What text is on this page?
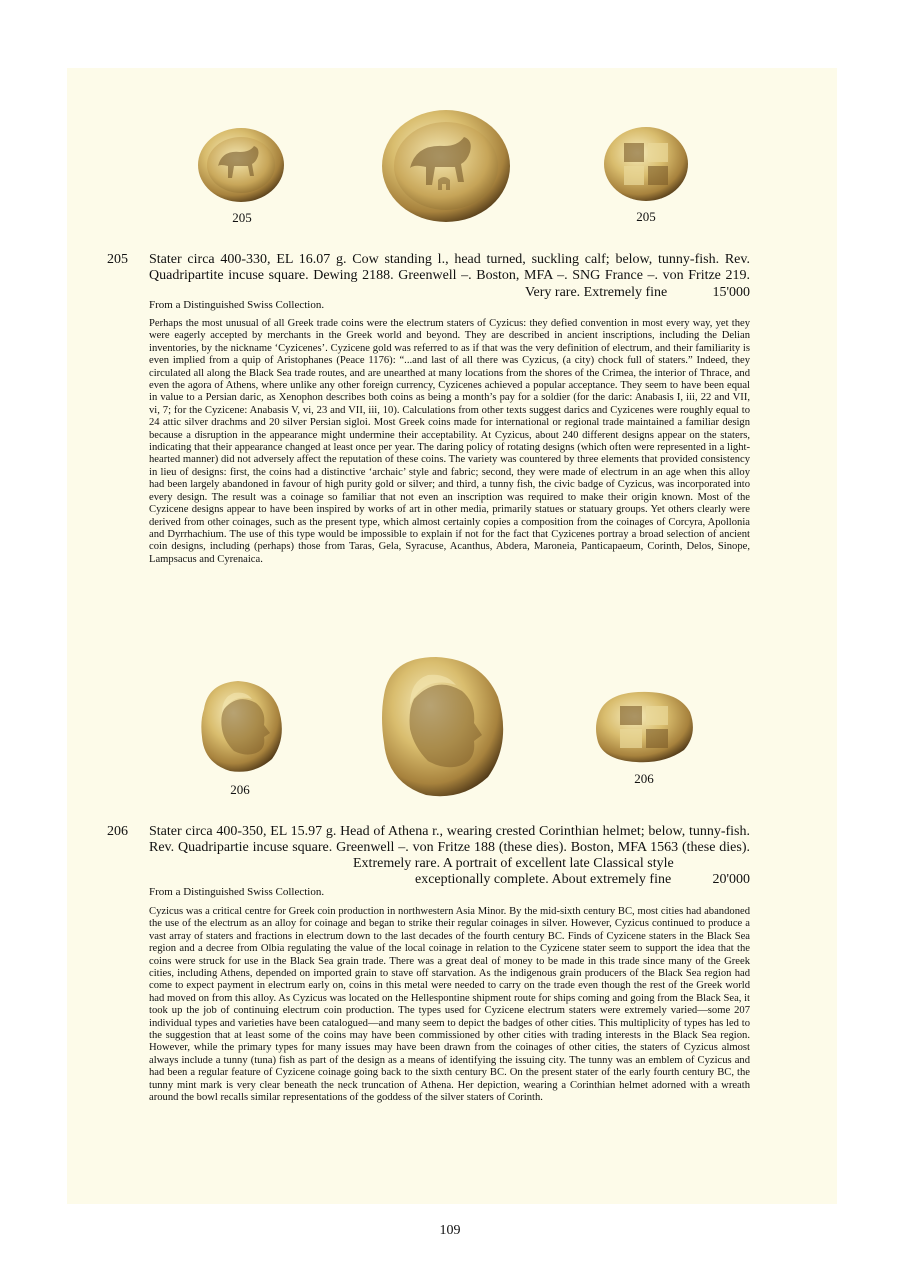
205	205
205 Stater circa 400-330, EL 16.07 g. Cow standing l., head turned, suckling calf; below, tunny-fish. Rev.
Quadripartite incuse square. Dewing 2188. Greenwell –. Boston, MFA –. SNG France –. von Fritze 219.
Very rare. Extremely fine	15'000
From a Distinguished Swiss Collection.

Perhaps the most unusual of all Greek trade coins were the electrum staters of Cyzicus: they defied convention in most every way, yet they were eagerly accepted by merchants in the Greek world and beyond. They are described in ancient inscriptions, including the Delian inventories, by the nickname ‘Cyzicenes’. Cyzicene gold was referred to as if that was the very definition of electrum, and their familiarity is even implied from a quip of Aristophanes (Peace 1176): “...and last of all there was Cyzicus, (a city) chock full of staters.” Indeed, they circulated all along the Black Sea trade routes, and are unearthed at many locations from the shores of the Crimea, the interior of Thrace, and even the agora of Athens, where unlike any other foreign currency, Cyzicenes achieved a popular acceptance. They seem to have been equal in value to a Persian daric, as Xenophon describes both coins as being a month’s pay for a soldier (for the daric: Anabasis I, iii, 22 and VII, vi, 7; for the Cyzicene: Anabasis V, vi, 23 and VII, iii, 10). Calculations from other texts suggest darics and Cyzicenes were roughly equal to 24 attic silver drachms and 20 silver Persian sigloi. Most Greek coins made for international or regional trade maintained a familiar design because a disruption in the appearance might undermine their acceptability. At Cyzicus, about 240 different designs appear on the staters, indicating that their appearance changed at least once per year. The daring policy of rotating designs (which often were represented in a light-hearted manner) did not adversely affect the reputation of these coins. The variety was countered by three elements that provided consistency in lieu of designs: first, the coins had a distinctive ‘archaic’ style and fabric; second, they were made of electrum in an age when this alloy had been largely abandoned in favour of high purity gold or silver; and third, a tunny fish, the civic badge of Cyzicus, was incorporated into every design. The result was a coinage so familiar that not even an inscription was required to make their origin known. Most of the Cyzicene designs appear to have been inspired by works of art in other media, primarily statues or statuary groups. Yet others clearly were derived from other coinages, such as the present type, which almost certainly copies a composition from the coinages of Corcyra, Apollonia and Dyrrhachium. The use of this type would be impossible to explain if not for the fact that Cyzicenes portray a broad selection of ancient coin designs, including (perhaps) those from Taras, Gela, Syracuse, Acanthus, Abdera, Maroneia, Panticapaeum, Corinth, Delos, Sinope, Lampsacus and Cyrenaica.

206
206
206 Stater circa 400-350, EL 15.97 g. Head of Athena r., wearing crested Corinthian helmet; below, tunny-fish.
Rev. Quadripartie incuse square. Greenwell –. von Fritze 188 (these dies). Boston, MFA 1563 (these dies).
Extremely rare. A portrait of excellent late Classical style
exceptionally complete. About extremely fine	20'000
From a Distinguished Swiss Collection.

Cyzicus was a critical centre for Greek coin production in northwestern Asia Minor. By the mid-sixth century BC, most cities had abandoned the use of the electrum as an alloy for coinage and began to strike their regular coinages in silver. However, Cyzicus continued to produce a vast array of staters and fractions in electrum down to the last decades of the fourth century BC. Finds of Cyzicene staters in the Black Sea region and a decree from Olbia regulating the value of the local coinage in relation to the Cyzicene stater seem to support the idea that the coins were struck for use in the Black Sea grain trade. There was a great deal of money to be made in this trade since many of the Greek cities, including Athens, depended on imported grain to stave off starvation. As the indigenous grain producers of the Black Sea region had come to expect payment in electrum early on, coins in this metal were needed to carry on the trade even though the rest of the Greek world had moved on from this alloy. As Cyzicus was located on the Hellespontine shipment route for ships coming and going from the Black Sea, it took up the job of continuing electrum coin production. The types used for Cyzicene electrum staters were extremely varied—some 207 individual types and varieties have been catalogued—and many seem to depict the badges of other cities. This multiplicity of types has led to the suggestion that at least some of the coins may have been commissioned by other cities with trading interests in the Black Sea region. However, while the primary types for many issues may have been drawn from the coinages of other cities, the staters of Cyzicus almost always include a tunny (tuna) fish as part of the design as a means of identifying the issuing city. The tunny was an emblem of Cyzicus and had been a regular feature of Cyzicene coinage going back to the sixth century BC. On the present stater of the early fourth century BC, the tunny mint mark is very clear beneath the neck truncation of Athena. Her depiction, wearing a Corinthian helmet adorned with a wreath around the bowl recalls similar representations of the goddess of the silver staters of Corinth.

109
